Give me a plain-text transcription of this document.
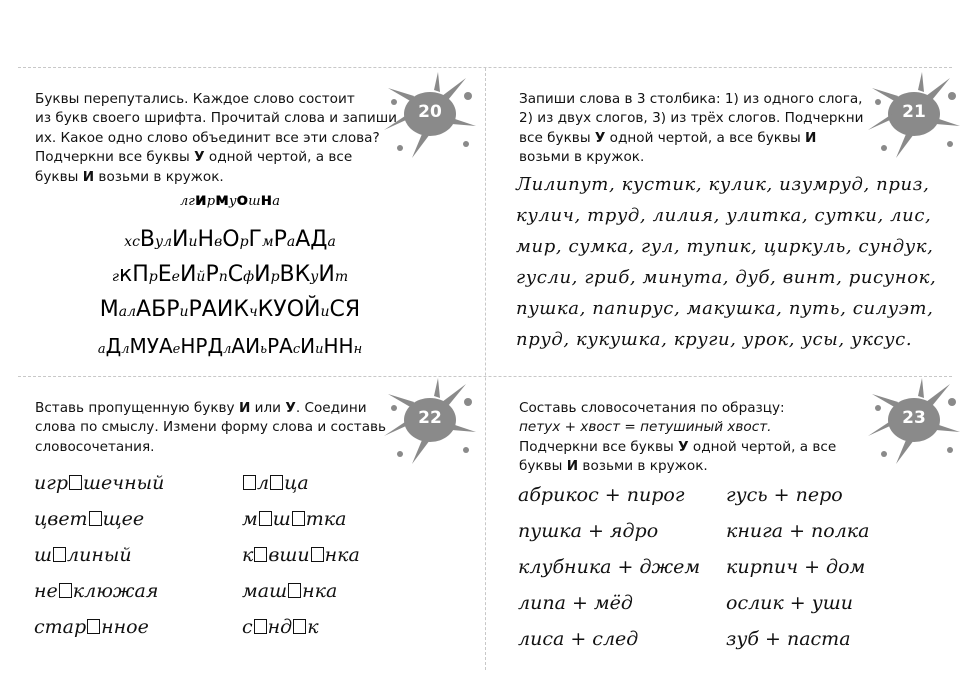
20
Буквы перепутались. Каждое слово состоит
из букв своего шрифта. Прочитай слова и запиши
их. Какое одно слово объединит все эти слова?
Подчеркни все буквы У одной чертой, а все
буквы И возьми в кружок.
лгирмуошна
хсВулИиНвОрГмРаАДа
гкПрЕеИйРпСфИрВКуИт
МалАБРиРАИКчКУОЙиСЯ
аДлМУАеНРДлАИьРАсИиННн
21
Запиши слова в 3 столбика: 1) из одного слога,
2) из двух слогов, 3) из трёх слогов. Подчеркни
все буквы У одной чертой, а все буквы И
возьми в кружок.
Лилипут, кустик, кулик, изумруд, приз,
кулич, труд, лилия, улитка, сутки, лис,
мир, сумка, гул, тупик, циркуль, сундук,
гусли, гриб, минута, дуб, винт, рисунок,
пушка, папирус, макушка, путь, силуэт,
пруд, кукушка, круги, урок, усы, уксус.
22
Вставь пропущенную букву И или У. Соедини
слова по смыслу. Измени форму слова и составь
словосочетания.
игр шечный
цвет щее
ш линый
не клюжая
стар нное
л ца
м ш тка
к вши нка
маш нка
с нд к
23
Составь словосочетания по образцу:
петух + хвост = петушиный хвост.
Подчеркни все буквы У одной чертой, а все
буквы И возьми в кружок.
абрикос + пирог
пушка + ядро
клубника + джем
липа + мёд
лиса + след
гусь + перо
книга + полка
кирпич + дом
ослик + уши
зуб + паста
